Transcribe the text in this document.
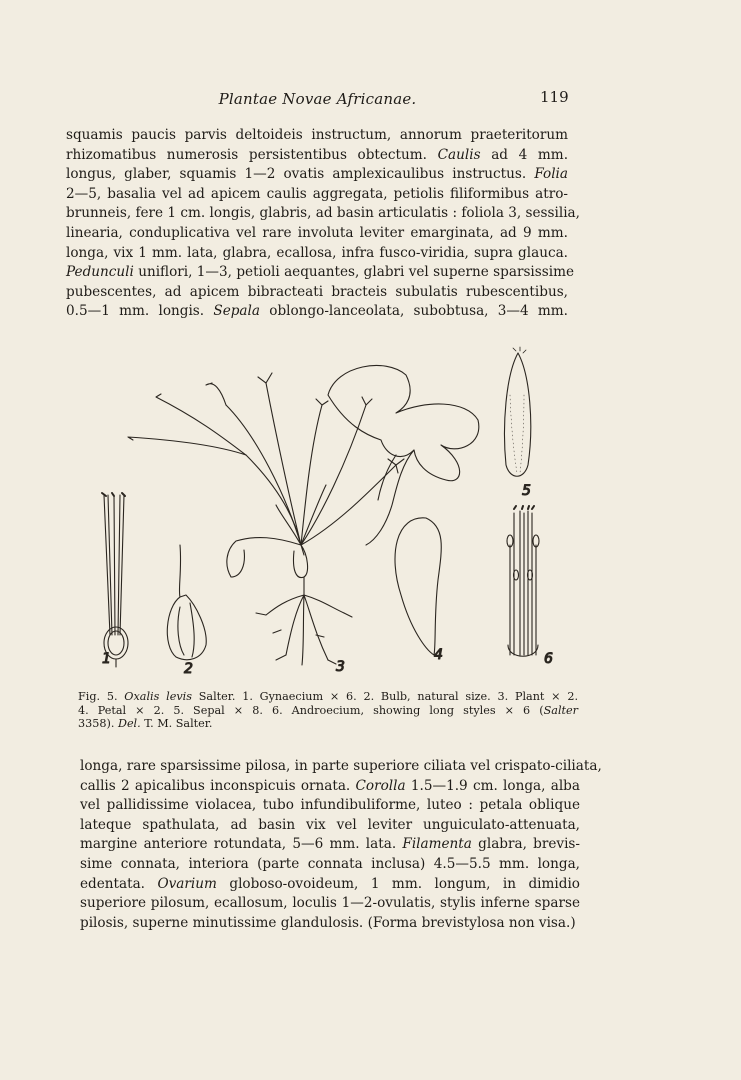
Plantae Novae Africanae.	119
squamis paucis parvis deltoideis instructum, annorum praeteritorum
rhizomatibus numerosis persistentibus obtectum. Caulis ad 4 mm.
longus, glaber, squamis 1—2 ovatis amplexicaulibus instructus. Folia
2—5, basalia vel ad apicem caulis aggregata, petiolis filiformibus atro-
brunneis, fere 1 cm. longis, glabris, ad basin articulatis : foliola 3, sessilia,
linearia, conduplicativa vel rare involuta leviter emarginata, ad 9 mm.
longa, vix 1 mm. lata, glabra, ecallosa, infra fusco-viridia, supra glauca.
Pedunculi uniflori, 1—3, petioli aequantes, glabri vel superne sparsissime
pubescentes, ad apicem bibracteati bracteis subulatis rubescentibus,
0.5—1 mm. longis. Sepala oblongo-lanceolata, subobtusa, 3—4 mm.
1
2	3
4
5
6
Fig. 5. Oxalis levis Salter. 1. Gynaecium × 6. 2. Bulb, natural size. 3. Plant × 2.
4. Petal × 2. 5. Sepal × 8. 6. Androecium, showing long styles × 6 (Salter
3358). Del. T. M. Salter.
longa, rare sparsissime pilosa, in parte superiore ciliata vel crispato-ciliata,
callis 2 apicalibus inconspicuis ornata. Corolla 1.5—1.9 cm. longa, alba
vel pallidissime violacea, tubo infundibuliforme, luteo : petala oblique
lateque spathulata, ad basin vix vel leviter unguiculato-attenuata,
margine anteriore rotundata, 5—6 mm. lata. Filamenta glabra, brevis-
sime connata, interiora (parte connata inclusa) 4.5—5.5 mm. longa,
edentata. Ovarium globoso-ovoideum, 1 mm. longum, in dimidio
superiore pilosum, ecallosum, loculis 1—2-ovulatis, stylis inferne sparse
pilosis, superne minutissime glandulosis. (Forma brevistylosa non visa.)
